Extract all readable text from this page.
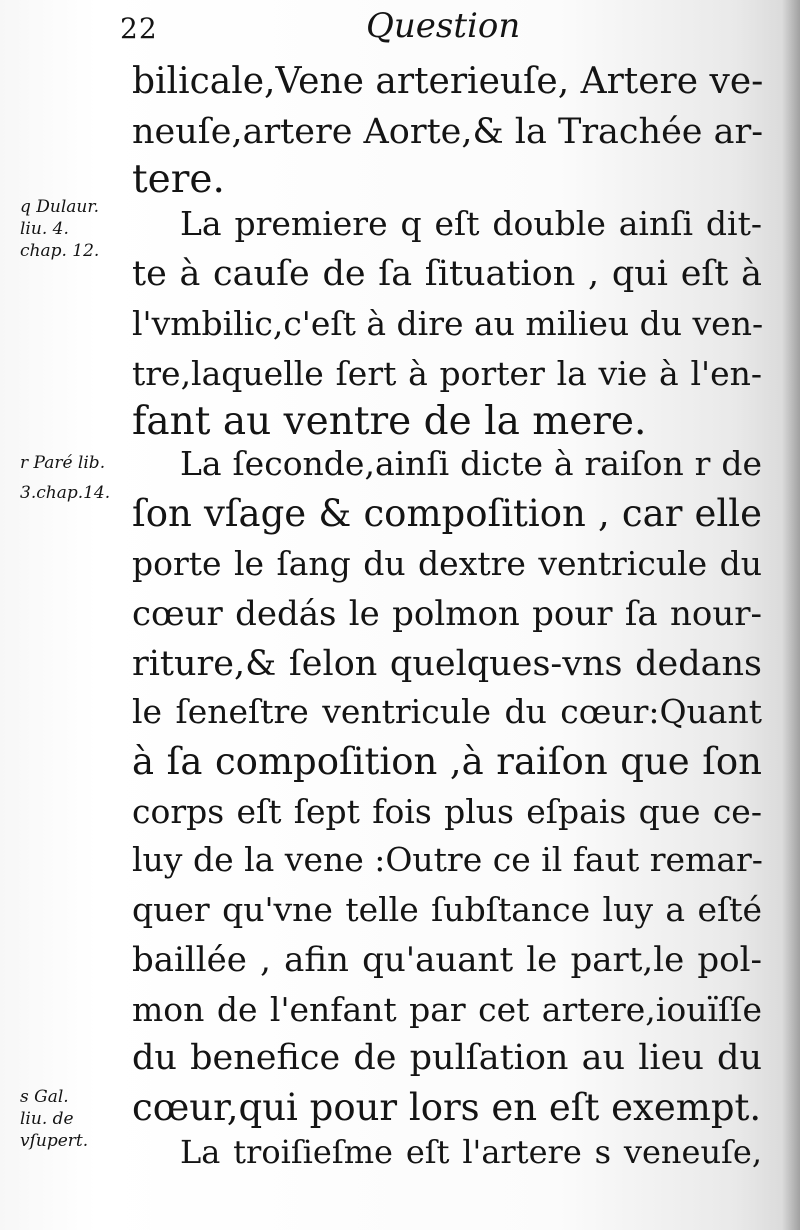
22	Question
bilicale,Vene arterieuſe, Artere ve-
neuſe,artere Aorte,& la Trachée ar-
tere.
La premiere q eſt double ainſi dit-
te à cauſe de ſa ſituation , qui eſt à
l'vmbilic,c'eſt à dire au milieu du ven-
tre,laquelle ſert à porter la vie à l'en-
fant au ventre de la mere.
La ſeconde,ainſi dicte à raiſon r de
ſon vſage & compoſition , car elle
porte le ſang du dextre ventricule du
cœur dedás le polmon pour ſa nour-
riture,& ſelon quelques-vns dedans
le ſeneſtre ventricule du cœur:Quant
à ſa compoſition ,à raiſon que ſon
corps eſt ſept fois plus eſpais que ce-
luy de la vene :Outre ce il faut remar-
quer qu'vne telle ſubſtance luy a eſté
baillée , afin qu'auant le part,le pol-
mon de l'enfant par cet artere,iouïſſe
du benefice de pulſation au lieu du
cœur,qui pour lors en eſt exempt.
La troiſieſme eſt l'artere s veneuſe,
q Dulaur.
liu. 4.
chap. 12.
r Paré lib.
3.chap.14.
s Gal.
liu. de
vſupert.
